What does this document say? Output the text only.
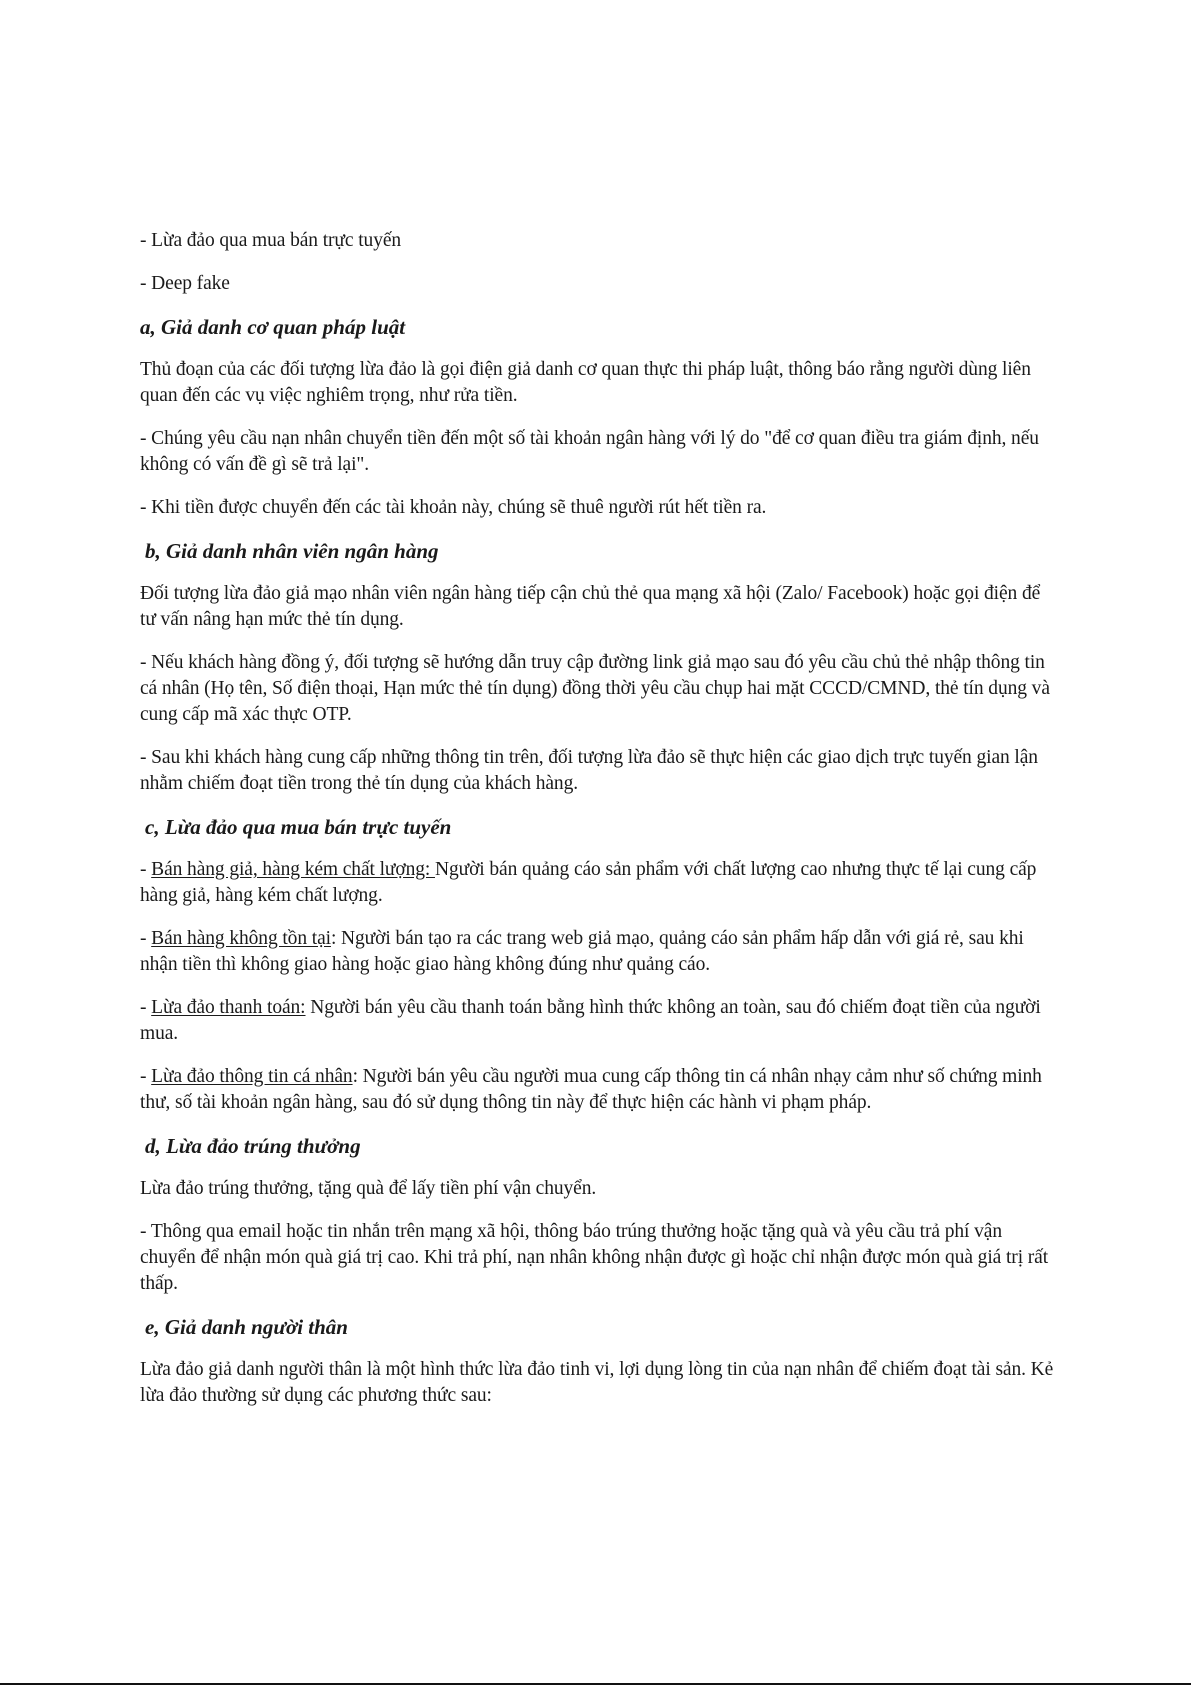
- Lừa đảo qua mua bán trực tuyến

- Deep fake

a, Giả danh cơ quan pháp luật

Thủ đoạn của các đối tượng lừa đảo là gọi điện giả danh cơ quan thực thi pháp luật, thông báo rằng người dùng liên quan đến các vụ việc nghiêm trọng, như rửa tiền.

- Chúng yêu cầu nạn nhân chuyển tiền đến một số tài khoản ngân hàng với lý do "để cơ quan điều tra giám định, nếu không có vấn đề gì sẽ trả lại".

- Khi tiền được chuyển đến các tài khoản này, chúng sẽ thuê người rút hết tiền ra.

b, Giả danh nhân viên ngân hàng

Đối tượng lừa đảo giả mạo nhân viên ngân hàng tiếp cận chủ thẻ qua mạng xã hội (Zalo/ Facebook) hoặc gọi điện để tư vấn nâng hạn mức thẻ tín dụng.

- Nếu khách hàng đồng ý, đối tượng sẽ hướng dẫn truy cập đường link giả mạo sau đó yêu cầu chủ thẻ nhập thông tin cá nhân (Họ tên, Số điện thoại, Hạn mức thẻ tín dụng) đồng thời yêu cầu chụp hai mặt CCCD/CMND, thẻ tín dụng và cung cấp mã xác thực OTP.

- Sau khi khách hàng cung cấp những thông tin trên, đối tượng lừa đảo sẽ thực hiện các giao dịch trực tuyến gian lận nhằm chiếm đoạt tiền trong thẻ tín dụng của khách hàng.

c, Lừa đảo qua mua bán trực tuyến

- Bán hàng giả, hàng kém chất lượng: Người bán quảng cáo sản phẩm với chất lượng cao nhưng thực tế lại cung cấp hàng giả, hàng kém chất lượng.

- Bán hàng không tồn tại: Người bán tạo ra các trang web giả mạo, quảng cáo sản phẩm hấp dẫn với giá rẻ, sau khi nhận tiền thì không giao hàng hoặc giao hàng không đúng như quảng cáo.

- Lừa đảo thanh toán: Người bán yêu cầu thanh toán bằng hình thức không an toàn, sau đó chiếm đoạt tiền của người mua.

- Lừa đảo thông tin cá nhân: Người bán yêu cầu người mua cung cấp thông tin cá nhân nhạy cảm như số chứng minh thư, số tài khoản ngân hàng, sau đó sử dụng thông tin này để thực hiện các hành vi phạm pháp.

d, Lừa đảo trúng thưởng

Lừa đảo trúng thưởng, tặng quà để lấy tiền phí vận chuyển.

- Thông qua email hoặc tin nhắn trên mạng xã hội, thông báo trúng thưởng hoặc tặng quà và yêu cầu trả phí vận chuyển để nhận món quà giá trị cao. Khi trả phí, nạn nhân không nhận được gì hoặc chỉ nhận được món quà giá trị rất thấp.

e, Giả danh người thân

Lừa đảo giả danh người thân là một hình thức lừa đảo tinh vi, lợi dụng lòng tin của nạn nhân để chiếm đoạt tài sản. Kẻ lừa đảo thường sử dụng các phương thức sau:
